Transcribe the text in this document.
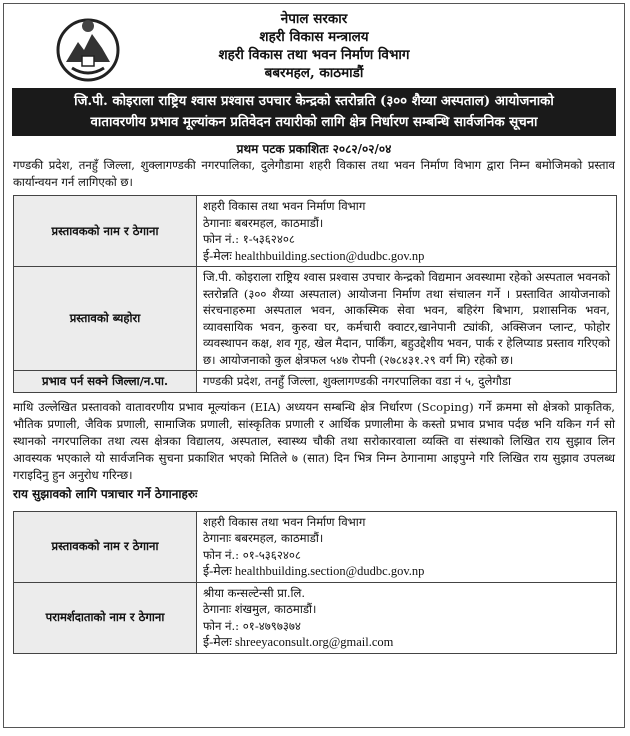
नेपाल सरकार
शहरी विकास मन्त्रालय
शहरी विकास तथा भवन निर्माण विभाग
बबरमहल, काठमाडौं
जि.पी. कोइराला राष्ट्रिय श्वास प्रश्वास उपचार केन्द्रको स्तरोन्नति (३०० शैय्या अस्पताल) आयोजनाको
वातावरणीय प्रभाव मूल्यांकन प्रतिवेदन तयारीको लागि क्षेत्र निर्धारण सम्बन्धि सार्वजनिक सूचना
प्रथम पटक प्रकाशितः २०८२/०२/०४
गण्डकी प्रदेश, तनहुँ जिल्ला, शुक्लागण्डकी नगरपालिका, दुलेगौडामा शहरी विकास तथा भवन निर्माण विभाग द्वारा निम्न बमोजिमको प्रस्ताव कार्यान्वयन गर्न लागिएको छ।
प्रस्तावकको नाम र ठेगाना	शहरी विकास तथा भवन निर्माण विभाग
ठेगानाः बबरमहल, काठमाडौं।
फोन नं.: १-५३६२४०८
ई-मेलः healthbuilding.section@dudbc.gov.np

प्रस्तावको ब्यहोरा	जि.पी. कोइराला राष्ट्रिय श्वास प्रश्वास उपचार केन्द्रको विद्यमान अवस्थामा रहेको अस्पताल भवनको स्तरोन्नति (३०० शैय्या अस्पताल) आयोजना निर्माण तथा संचालन गर्ने । प्रस्तावित आयोजनाको संरचनाहरुमा अस्पताल भवन, आकस्मिक सेवा भवन, बहिरंग बिभाग, प्रशासनिक भवन, व्यावसायिक भवन, कुरुवा घर, कर्मचारी क्वाटर,खानेपानी ट्यांकी, अक्सिजन प्लान्ट, फोहोर व्यवस्थापन कक्ष, शव गृह, खेल मैदान, पार्किंग, बहुउद्देशीय भवन, पार्क र हेलिप्याड प्रस्ताव गरिएको छ। आयोजनाको कुल क्षेत्रफल ५४७ रोपनी (२७८४३१.२९ वर्ग मि) रहेको छ।
प्रभाव पर्न सक्ने जिल्ला/न.पा.	गण्डकी प्रदेश, तनहुँ जिल्ला, शुक्लागण्डकी नगरपालिका वडा नं ५, दुलेगौडा
माथि उल्लेखित प्रस्तावको वातावरणीय प्रभाव मूल्यांकन (EIA) अध्ययन सम्बन्धि क्षेत्र निर्धारण (Scoping) गर्ने क्रममा सो क्षेत्रको प्राकृतिक, भौतिक प्रणाली, जैविक प्रणाली, सामाजिक प्रणाली, सांस्कृतिक प्रणाली र आर्थिक प्रणालीमा के कस्तो प्रभाव प्रभाव पर्दछ भनि यकिन गर्न सो स्थानको नगरपालिका तथा त्यस क्षेत्रका विद्यालय, अस्पताल, स्वास्थ्य चौकी तथा सरोकारवाला व्यक्ति वा संस्थाको लिखित राय सुझाव लिन आवस्यक भएकाले यो सार्वजनिक सुचना प्रकाशित भएको मितिले ७ (सात) दिन भित्र निम्न ठेगानामा आइपुग्ने गरि लिखित राय सुझाव उपलब्ध गराइदिनु हुन अनुरोध गरिन्छ।
राय सुझावको लागि पत्राचार गर्ने ठेगानाहरुः
प्रस्तावकको नाम र ठेगाना	शहरी विकास तथा भवन निर्माण विभाग
ठेगानाः बबरमहल, काठमाडौं।
फोन नं.: ०१-५३६२४०८
ई-मेलः healthbuilding.section@dudbc.gov.np

परामर्शदाताको नाम र ठेगाना	श्रीया कन्सल्टेन्सी प्रा.लि.
ठेगानाः शंखमुल, काठमाडौं।
फोन नं.: ०१-४७९७३७४
ई-मेलः shreeyaconsult.org@gmail.com
